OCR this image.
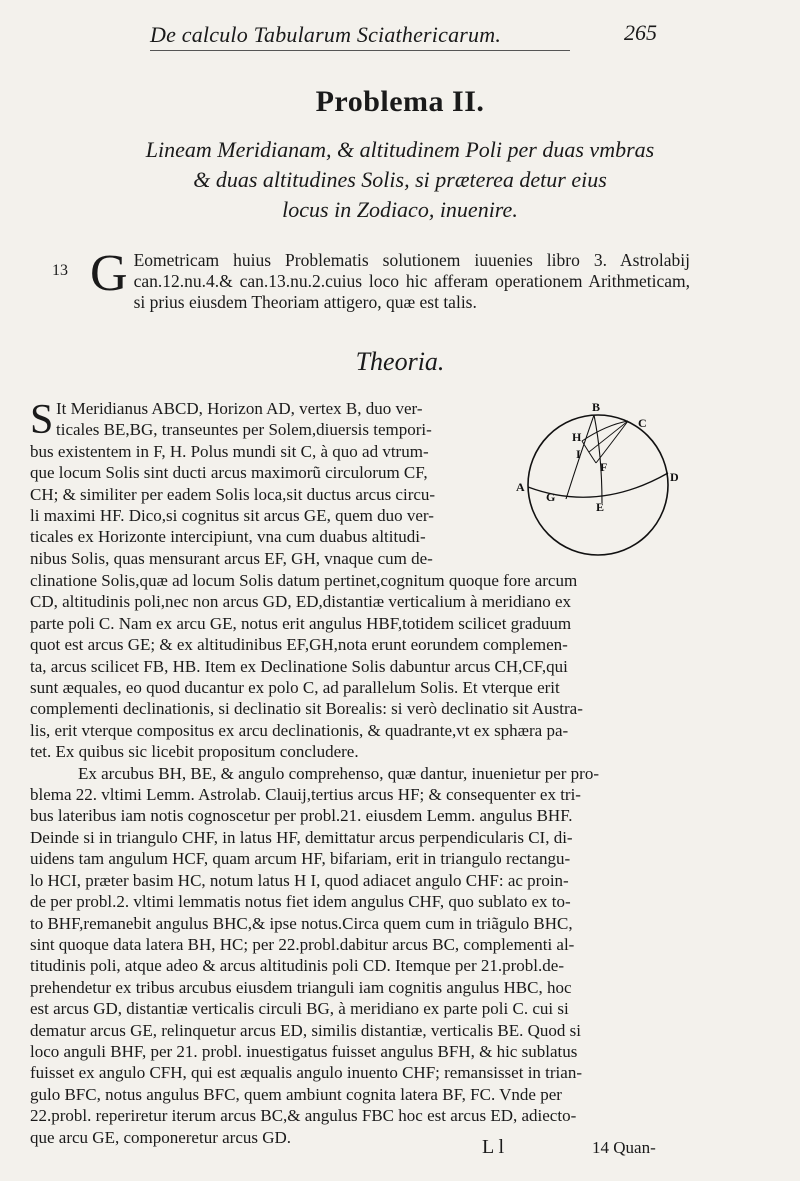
De calculo Tabularum Sciathericarum.	265
Problema II.
Lineam Meridianam, & altitudinem Poli per duas vmbras
& duas altitudines Solis, si præterea detur eius
locus in Zodiaco, inuenire.
13 G Eometricam huius Problematis solutionem iuuenies libro 3. Astrolabij can.12.nu.4.& can.13.nu.2.cuius loco hic afferam operationem Arithmeticam, si prius eiusdem Theoriam attigero, quæ est talis.
Theoria.
S It Meridianus ABCD, Horizon AD, vertex B, duo ver-
ticales BE,BG, transeuntes per Solem,diuersis tempori-
bus existentem in F, H. Polus mundi sit C, à quo ad vtrum-
que locum Solis sint ducti arcus maximorũ circulorum CF,
CH; & similiter per eadem Solis loca,sit ductus arcus circu-
li maximi HF. Dico,si cognitus sit arcus GE, quem duo ver-
ticales ex Horizonte intercipiunt, vna cum duabus altitudi-
nibus Solis, quas mensurant arcus EF, GH, vnaque cum de-
B
C
H
I
F
A
G
E
D
clinatione Solis,quæ ad locum Solis datum pertinet,cognitum quoque fore arcum
CD, altitudinis poli,nec non arcus GD, ED,distantiæ verticalium à meridiano ex
parte poli C. Nam ex arcu GE, notus erit angulus HBF,totidem scilicet graduum
quot est arcus GE; & ex altitudinibus EF,GH,nota erunt eorundem complemen-
ta, arcus scilicet FB, HB. Item ex Declinatione Solis dabuntur arcus CH,CF,qui
sunt æquales, eo quod ducantur ex polo C, ad parallelum Solis. Et vterque erit
complementi declinationis, si declinatio sit Borealis: si verò declinatio sit Austra-
lis, erit vterque compositus ex arcu declinationis, & quadrante,vt ex sphæra pa-
tet. Ex quibus sic licebit propositum concludere.
Ex arcubus BH, BE, & angulo comprehenso, quæ dantur, inuenietur per pro-
blema 22. vltimi Lemm. Astrolab. Clauij,tertius arcus HF; & consequenter ex tri-
bus lateribus iam notis cognoscetur per probl.21. eiusdem Lemm. angulus BHF.
Deinde si in triangulo CHF, in latus HF, demittatur arcus perpendicularis CI, di-
uidens tam angulum HCF, quam arcum HF, bifariam, erit in triangulo rectangu-
lo HCI, præter basim HC, notum latus H I, quod adiacet angulo CHF: ac proin-
de per probl.2. vltimi lemmatis notus fiet idem angulus CHF, quo sublato ex to-
to BHF,remanebit angulus BHC,& ipse notus.Circa quem cum in triãgulo BHC,
sint quoque data latera BH, HC; per 22.probl.dabitur arcus BC, complementi al-
titudinis poli, atque adeo & arcus altitudinis poli CD. Itemque per 21.probl.de-
prehendetur ex tribus arcubus eiusdem trianguli iam cognitis angulus HBC, hoc
est arcus GD, distantiæ verticalis circuli BG, à meridiano ex parte poli C. cui si
dematur arcus GE, relinquetur arcus ED, similis distantiæ, verticalis BE. Quod si
loco anguli BHF, per 21. probl. inuestigatus fuisset angulus BFH, & hic sublatus
fuisset ex angulo CFH, qui est æqualis angulo inuento CHF; remansisset in trian-
gulo BFC, notus angulus BFC, quem ambiunt cognita latera BF, FC. Vnde per
22.probl. reperiretur iterum arcus BC,& angulus FBC hoc est arcus ED, adiecto-
que arcu GE, componeretur arcus GD.	L l	14 Quan-
